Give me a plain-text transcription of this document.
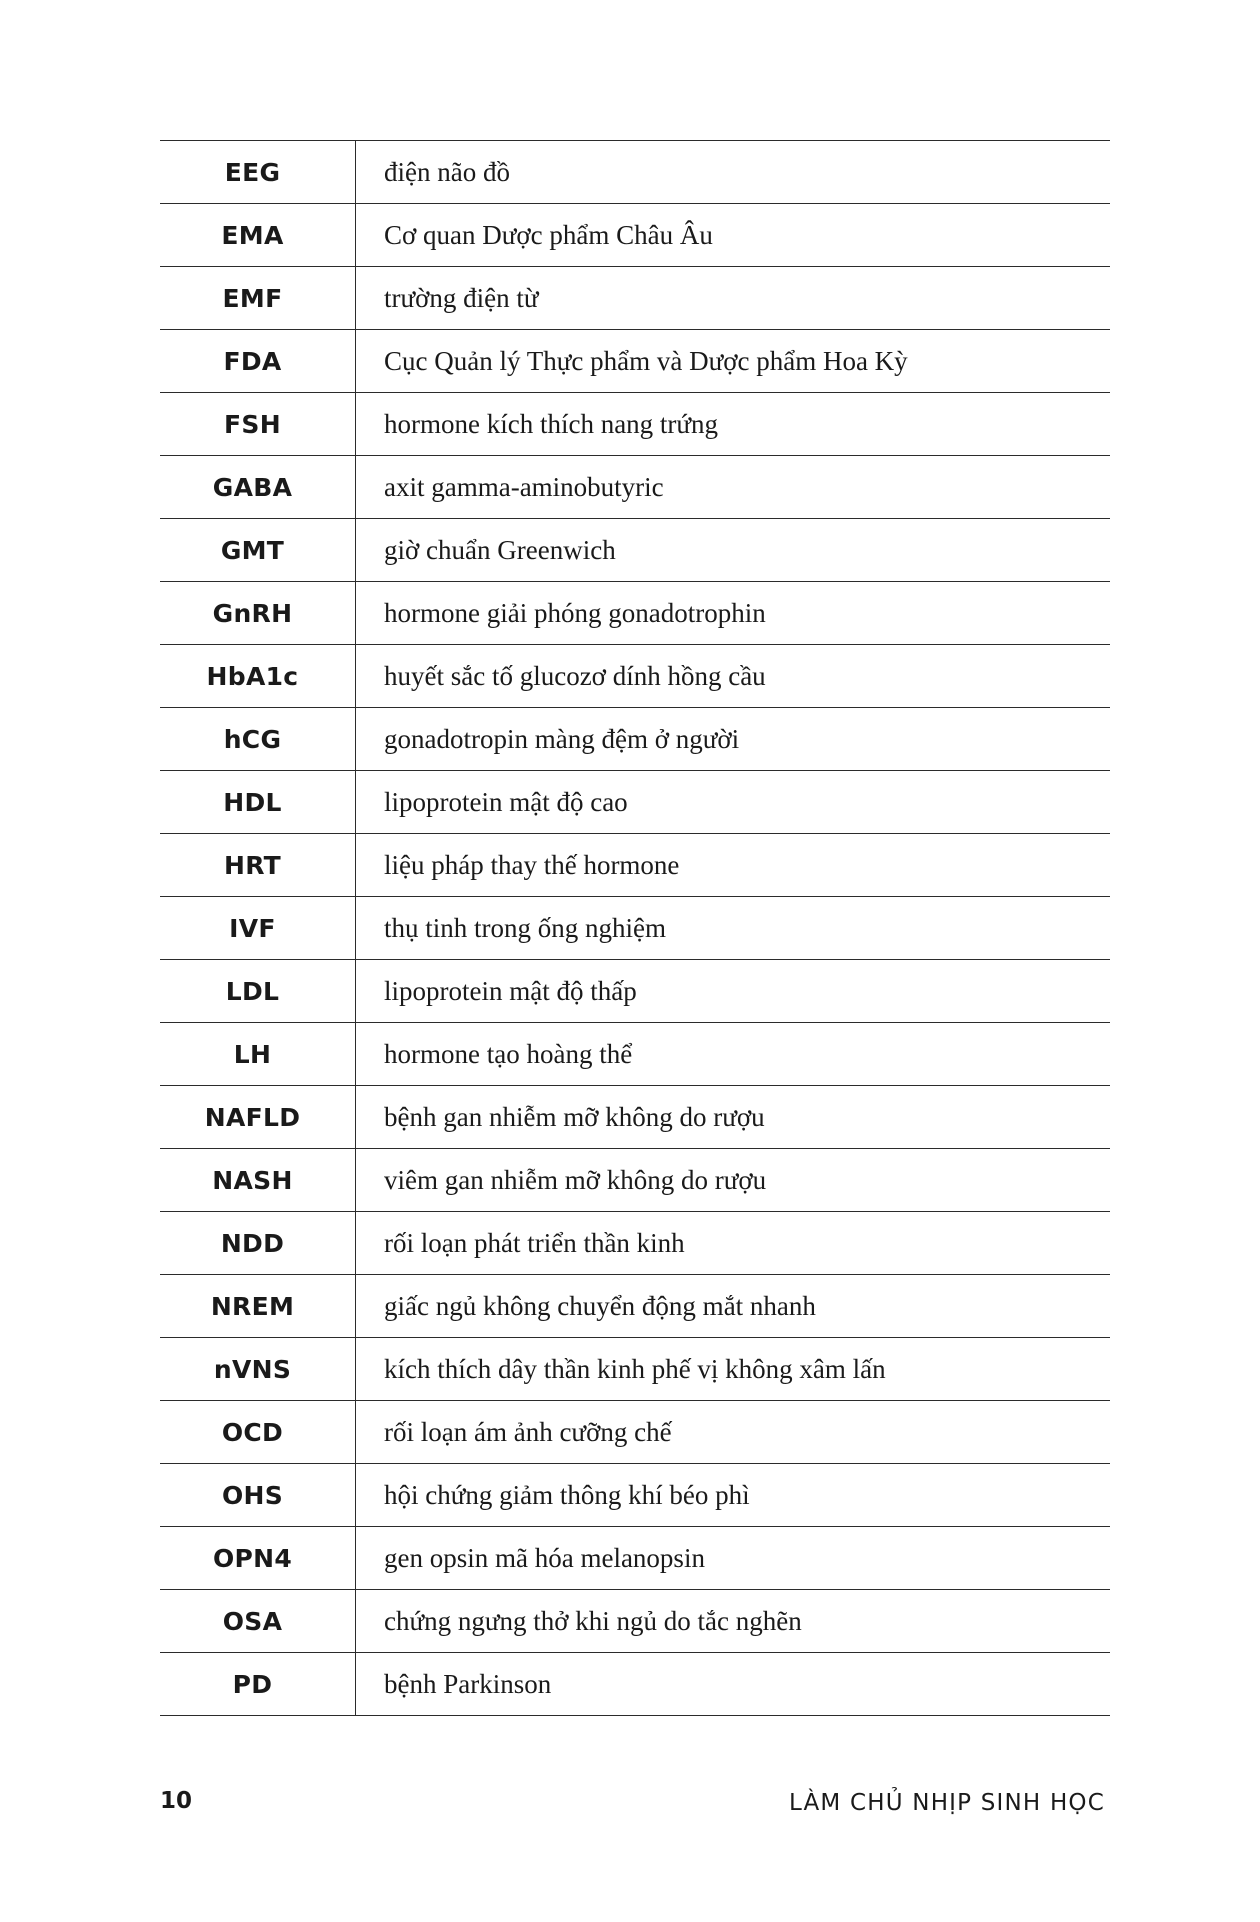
EEG	điện não đồ
EMA	Cơ quan Dược phẩm Châu Âu
EMF	trường điện từ
FDA	Cục Quản lý Thực phẩm và Dược phẩm Hoa Kỳ
FSH	hormone kích thích nang trứng
GABA	axit gamma-aminobutyric
GMT	giờ chuẩn Greenwich
GnRH	hormone giải phóng gonadotrophin
HbA1c	huyết sắc tố glucozơ dính hồng cầu
hCG	gonadotropin màng đệm ở người
HDL	lipoprotein mật độ cao
HRT	liệu pháp thay thế hormone
IVF	thụ tinh trong ống nghiệm
LDL	lipoprotein mật độ thấp
LH	hormone tạo hoàng thể
NAFLD	bệnh gan nhiễm mỡ không do rượu
NASH	viêm gan nhiễm mỡ không do rượu
NDD	rối loạn phát triển thần kinh
NREM	giấc ngủ không chuyển động mắt nhanh
nVNS	kích thích dây thần kinh phế vị không xâm lấn
OCD	rối loạn ám ảnh cưỡng chế
OHS	hội chứng giảm thông khí béo phì
OPN4	gen opsin mã hóa melanopsin
OSA	chứng ngưng thở khi ngủ do tắc nghẽn
PD	bệnh Parkinson
10	LÀM CHỦ NHỊP SINH HỌC
